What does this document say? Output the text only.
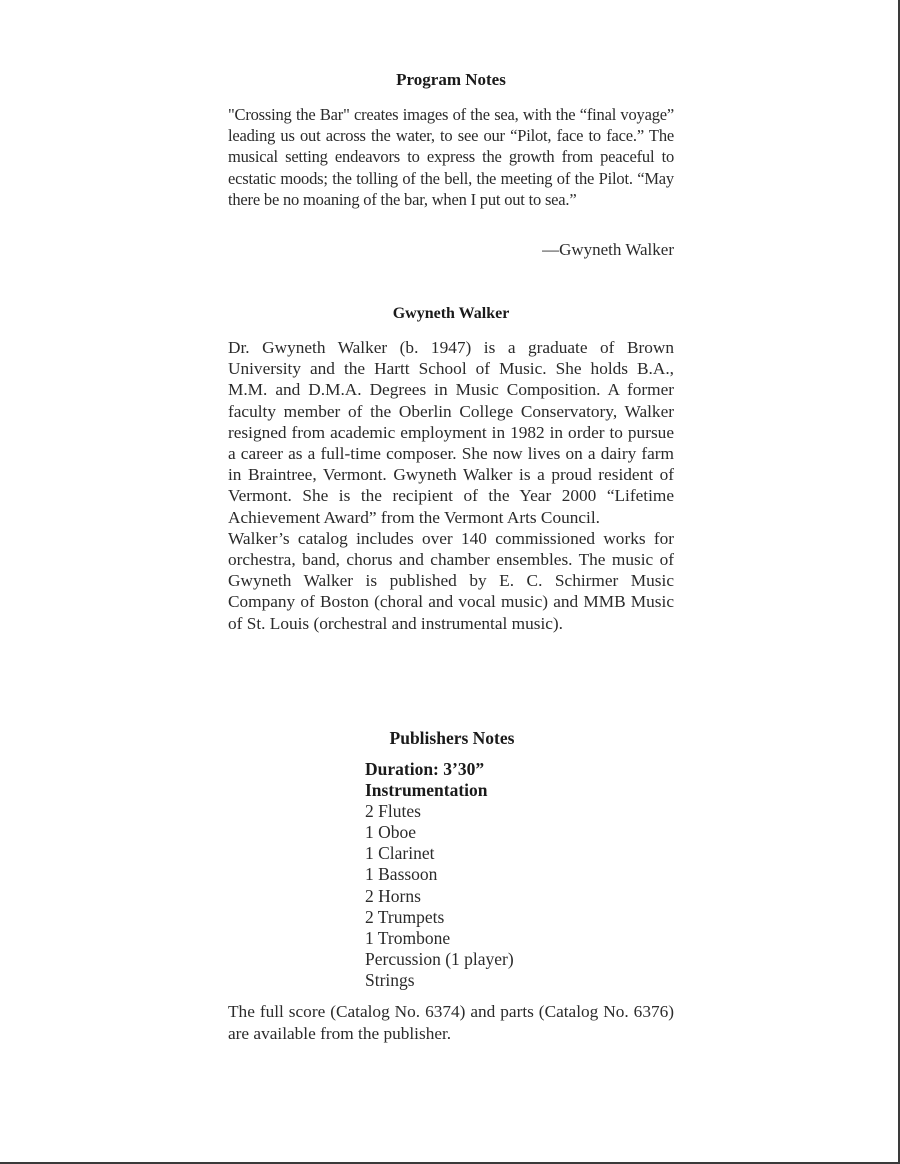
Program Notes

"Crossing the Bar" creates images of the sea, with the “final voyage” leading us out across the water, to see our “Pilot, face to face.” The musical setting endeavors to express the growth from peaceful to ecstatic moods; the tolling of the bell, the meeting of the Pilot. “May there be no moaning of the bar, when I put out to sea.”

—Gwyneth Walker
Gwyneth Walker

Dr. Gwyneth Walker (b. 1947) is a graduate of Brown University and the Hartt School of Music. She holds B.A., M.M. and D.M.A. Degrees in Music Composition. A former faculty member of the Oberlin College Conservatory, Walker resigned from academic employment in 1982 in order to pursue a career as a full-time composer. She now lives on a dairy farm in Braintree, Vermont. Gwyneth Walker is a proud resident of Vermont. She is the recipient of the Year 2000 “Lifetime Achievement Award” from the Vermont Arts Council.

Walker’s catalog includes over 140 commissioned works for orchestra, band, chorus and chamber ensembles. The music of Gwyneth Walker is published by E. C. Schirmer Music Company of Boston (choral and vocal music) and MMB Music of St. Louis (orchestral and instrumental music).

Publishers Notes
Duration: 3’30”
Instrumentation
2 Flutes
1 Oboe
1 Clarinet
1 Bassoon
2 Horns
2 Trumpets
1 Trombone
Percussion (1 player)
Strings
The full score (Catalog No. 6374) and parts (Catalog No. 6376) are available from the publisher.
